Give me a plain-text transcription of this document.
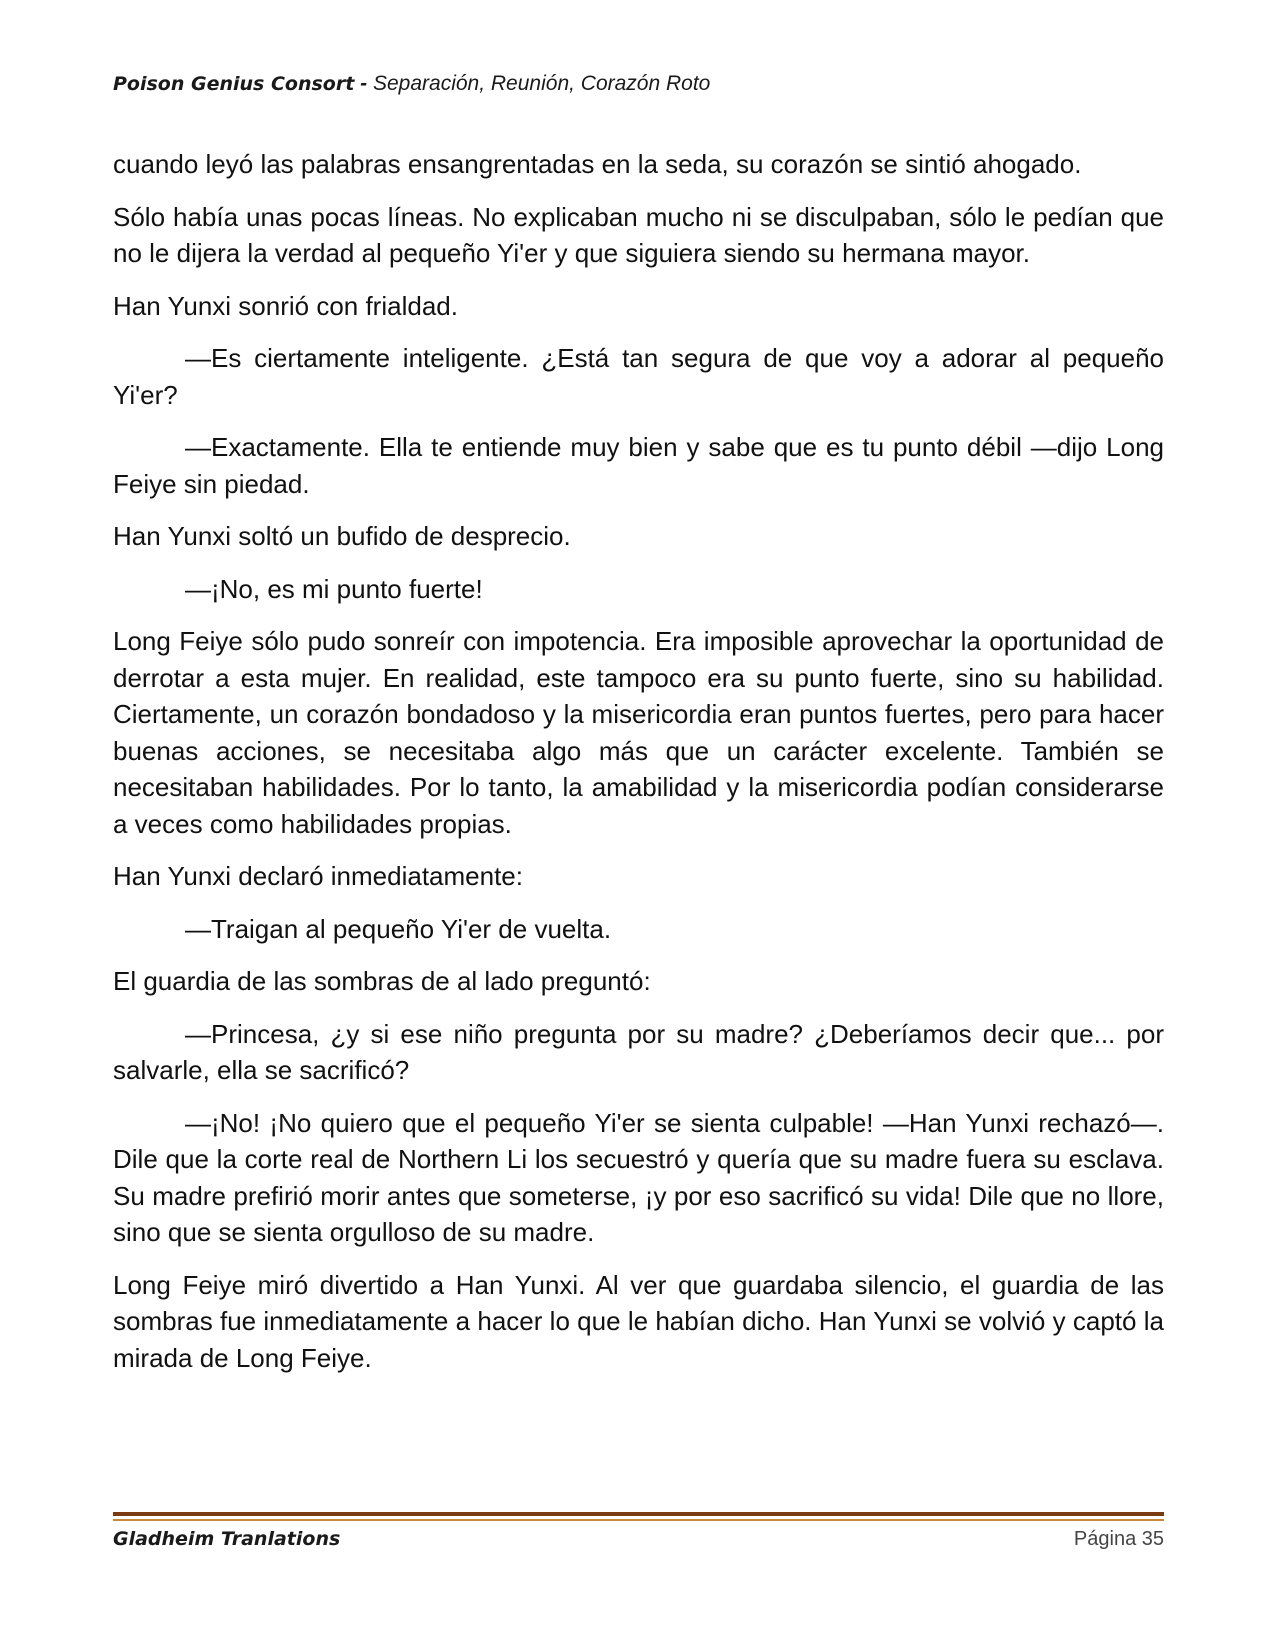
Poison Genius Consort - Separación, Reunión, Corazón Roto

cuando leyó las palabras ensangrentadas en la seda, su corazón se sintió ahogado.

Sólo había unas pocas líneas. No explicaban mucho ni se disculpaban, sólo le pedían que no le dijera la verdad al pequeño Yi'er y que siguiera siendo su hermana mayor.

Han Yunxi sonrió con frialdad.

—Es ciertamente inteligente. ¿Está tan segura de que voy a adorar al pequeño Yi'er?

—Exactamente. Ella te entiende muy bien y sabe que es tu punto débil —dijo Long Feiye sin piedad.

Han Yunxi soltó un bufido de desprecio.

—¡No, es mi punto fuerte!

Long Feiye sólo pudo sonreír con impotencia. Era imposible aprovechar la oportunidad de derrotar a esta mujer. En realidad, este tampoco era su punto fuerte, sino su habilidad. Ciertamente, un corazón bondadoso y la misericordia eran puntos fuertes, pero para hacer buenas acciones, se necesitaba algo más que un carácter excelente. También se necesitaban habilidades. Por lo tanto, la amabilidad y la misericordia podían considerarse a veces como habilidades propias.

Han Yunxi declaró inmediatamente:

—Traigan al pequeño Yi'er de vuelta.

El guardia de las sombras de al lado preguntó:

—Princesa, ¿y si ese niño pregunta por su madre? ¿Deberíamos decir que... por salvarle, ella se sacrificó?

—¡No! ¡No quiero que el pequeño Yi'er se sienta culpable! —Han Yunxi rechazó—. Dile que la corte real de Northern Li los secuestró y quería que su madre fuera su esclava. Su madre prefirió morir antes que someterse, ¡y por eso sacrificó su vida! Dile que no llore, sino que se sienta orgulloso de su madre.

Long Feiye miró divertido a Han Yunxi. Al ver que guardaba silencio, el guardia de las sombras fue inmediatamente a hacer lo que le habían dicho. Han Yunxi se volvió y captó la mirada de Long Feiye.

Gladheim Tranlations	Página 35
